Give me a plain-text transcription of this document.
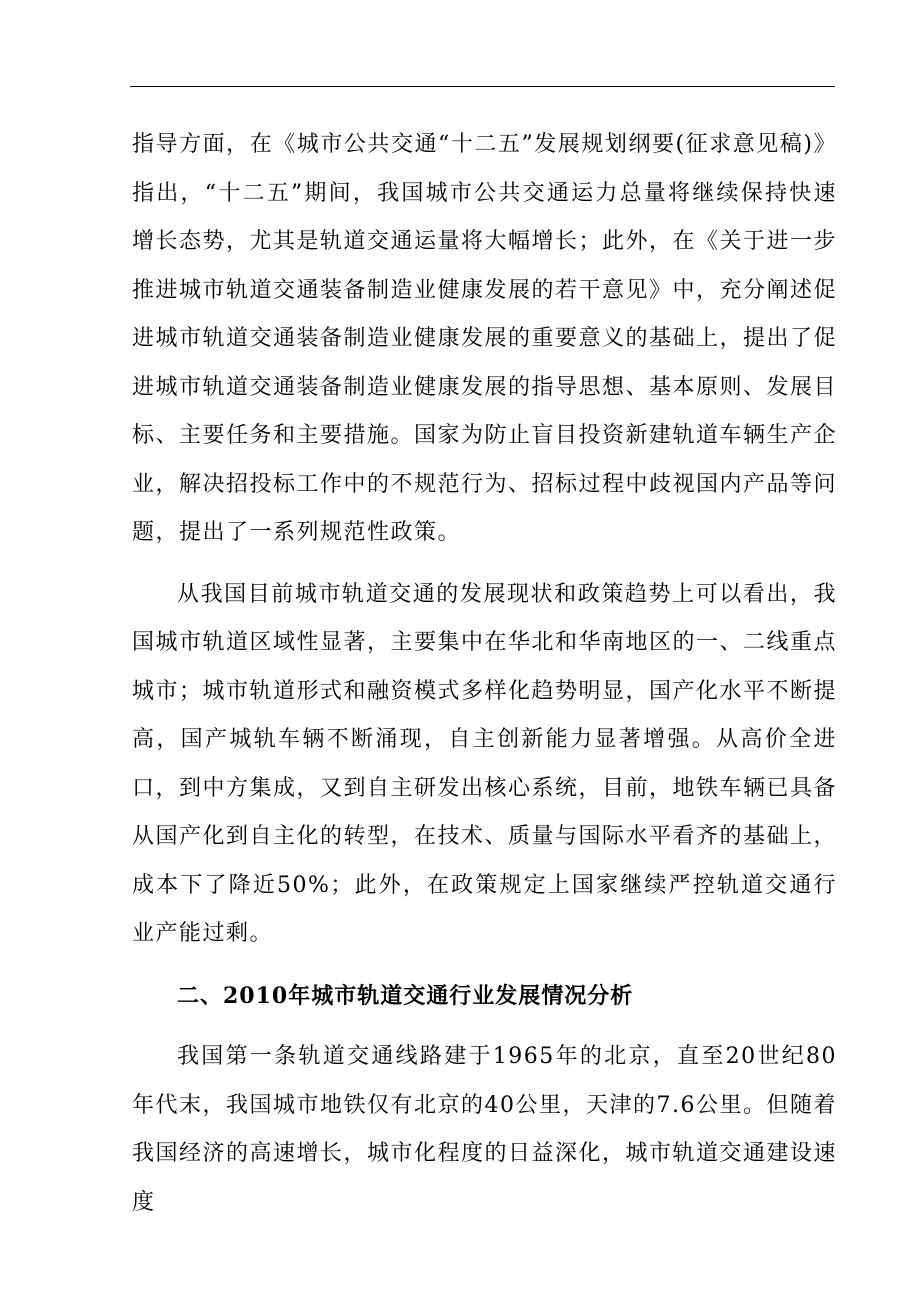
指导方面，在《城市公共交通“十二五”发展规划纲要(征求意见稿)》指出，“十二五”期间，我国城市公共交通运力总量将继续保持快速增长态势，尤其是轨道交通运量将大幅增长；此外，在《关于进一步推进城市轨道交通装备制造业健康发展的若干意见》中，充分阐述促进城市轨道交通装备制造业健康发展的重要意义的基础上，提出了促进城市轨道交通装备制造业健康发展的指导思想、基本原则、发展目标、主要任务和主要措施。国家为防止盲目投资新建轨道车辆生产企业，解决招投标工作中的不规范行为、招标过程中歧视国内产品等问题，提出了一系列规范性政策。

从我国目前城市轨道交通的发展现状和政策趋势上可以看出，我国城市轨道区域性显著，主要集中在华北和华南地区的一、二线重点城市；城市轨道形式和融资模式多样化趋势明显，国产化水平不断提高，国产城轨车辆不断涌现，自主创新能力显著增强。从高价全进口，到中方集成，又到自主研发出核心系统，目前，地铁车辆已具备从国产化到自主化的转型，在技术、质量与国际水平看齐的基础上，成本下了降近50%；此外，在政策规定上国家继续严控轨道交通行业产能过剩。

二、2010年城市轨道交通行业发展情况分析

我国第一条轨道交通线路建于1965年的北京，直至20世纪80年代末，我国城市地铁仅有北京的40公里，天津的7.6公里。但随着我国经济的高速增长，城市化程度的日益深化，城市轨道交通建设速度
